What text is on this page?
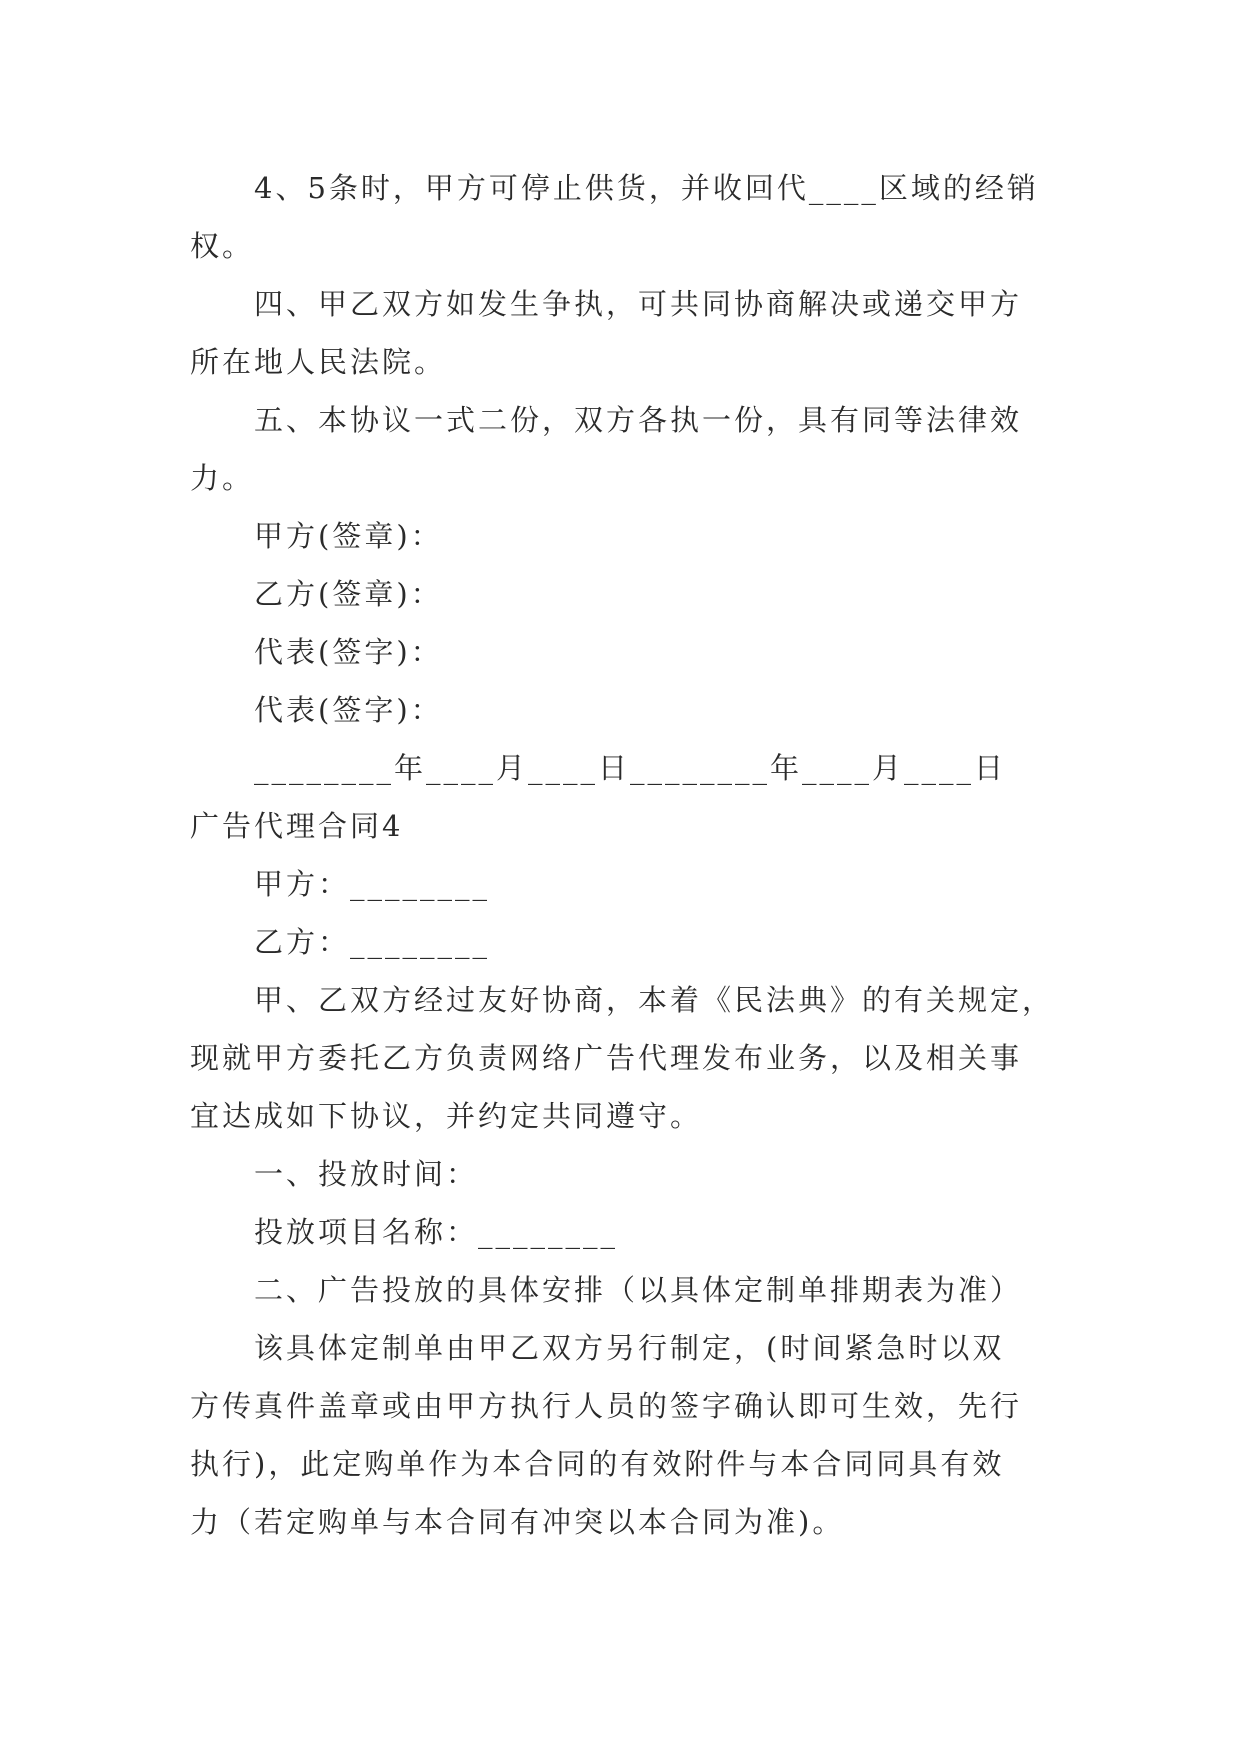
4、5条时，甲方可停止供货，并收回代____区域的经销
权。
四、甲乙双方如发生争执，可共同协商解决或递交甲方
所在地人民法院。
五、本协议一式二份，双方各执一份，具有同等法律效
力。
甲方(签章)：
乙方(签章)：
代表(签字)：
代表(签字)：
________年____月____日________年____月____日
广告代理合同4
甲方：________
乙方：________
甲、乙双方经过友好协商，本着《民法典》的有关规定，
现就甲方委托乙方负责网络广告代理发布业务，以及相关事
宜达成如下协议，并约定共同遵守。
一、投放时间：
投放项目名称：________
二、广告投放的具体安排（以具体定制单排期表为准）
该具体定制单由甲乙双方另行制定，(时间紧急时以双
方传真件盖章或由甲方执行人员的签字确认即可生效，先行
执行)，此定购单作为本合同的有效附件与本合同同具有效
力（若定购单与本合同有冲突以本合同为准)。
